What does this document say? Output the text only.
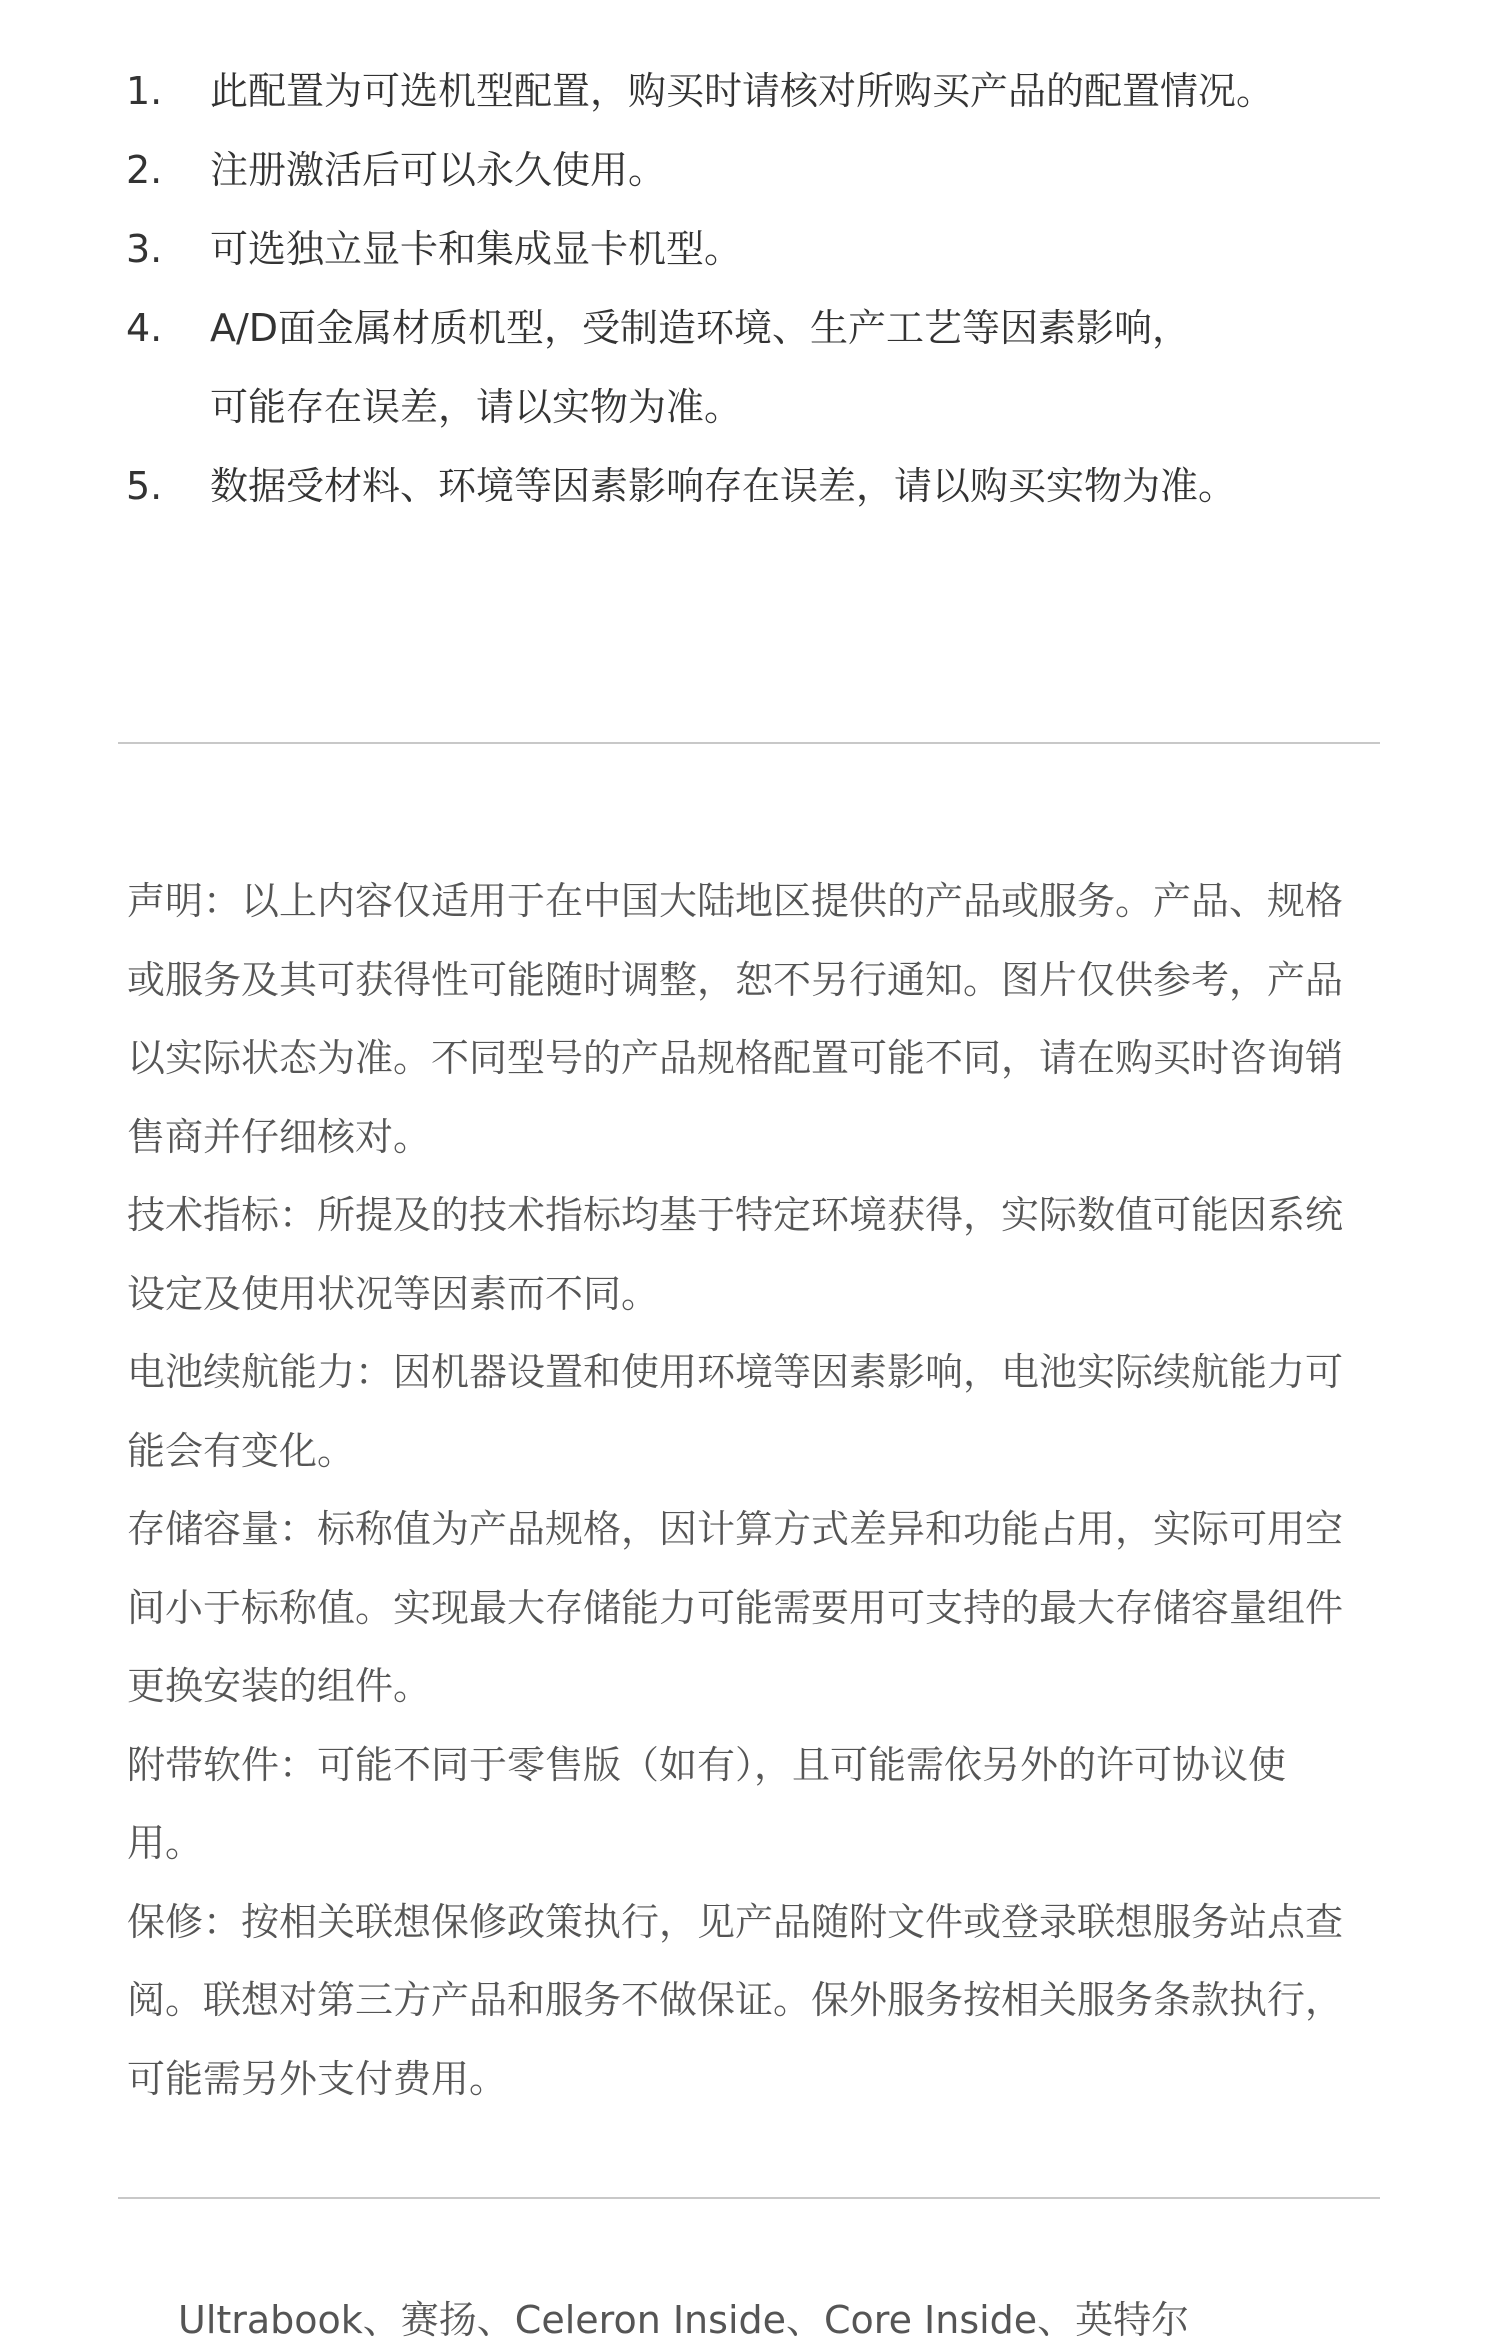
1.	此配置为可选机型配置，购买时请核对所购买产品的配置情况。
2.	注册激活后可以永久使用。
3.	可选独立显卡和集成显卡机型。
4.	A/D面金属材质机型，受制造环境、生产工艺等因素影响，
可能存在误差，请以实物为准。
5.	数据受材料、环境等因素影响存在误差，请以购买实物为准。

声明：以上内容仅适用于在中国大陆地区提供的产品或服务。产品、规格或服务及其可获得性可能随时调整，恕不另行通知。图片仅供参考，产品以实际状态为准。不同型号的产品规格配置可能不同，请在购买时咨询销售商并仔细核对。

技术指标：所提及的技术指标均基于特定环境获得，实际数值可能因系统设定及使用状况等因素而不同。

电池续航能力：因机器设置和使用环境等因素影响，电池实际续航能力可能会有变化。

存储容量：标称值为产品规格，因计算方式差异和功能占用，实际可用空间小于标称值。实现最大存储能力可能需要用可支持的最大存储容量组件更换安装的组件。

附带软件：可能不同于零售版（如有），且可能需依另外的许可协议使用。

保修：按相关联想保修政策执行，见产品随附文件或登录联想服务站点查阅。联想对第三方产品和服务不做保证。保外服务按相关服务条款执行，可能需另外支付费用。

Ultrabook、赛扬、Celeron Inside、Core Inside、英特尔
